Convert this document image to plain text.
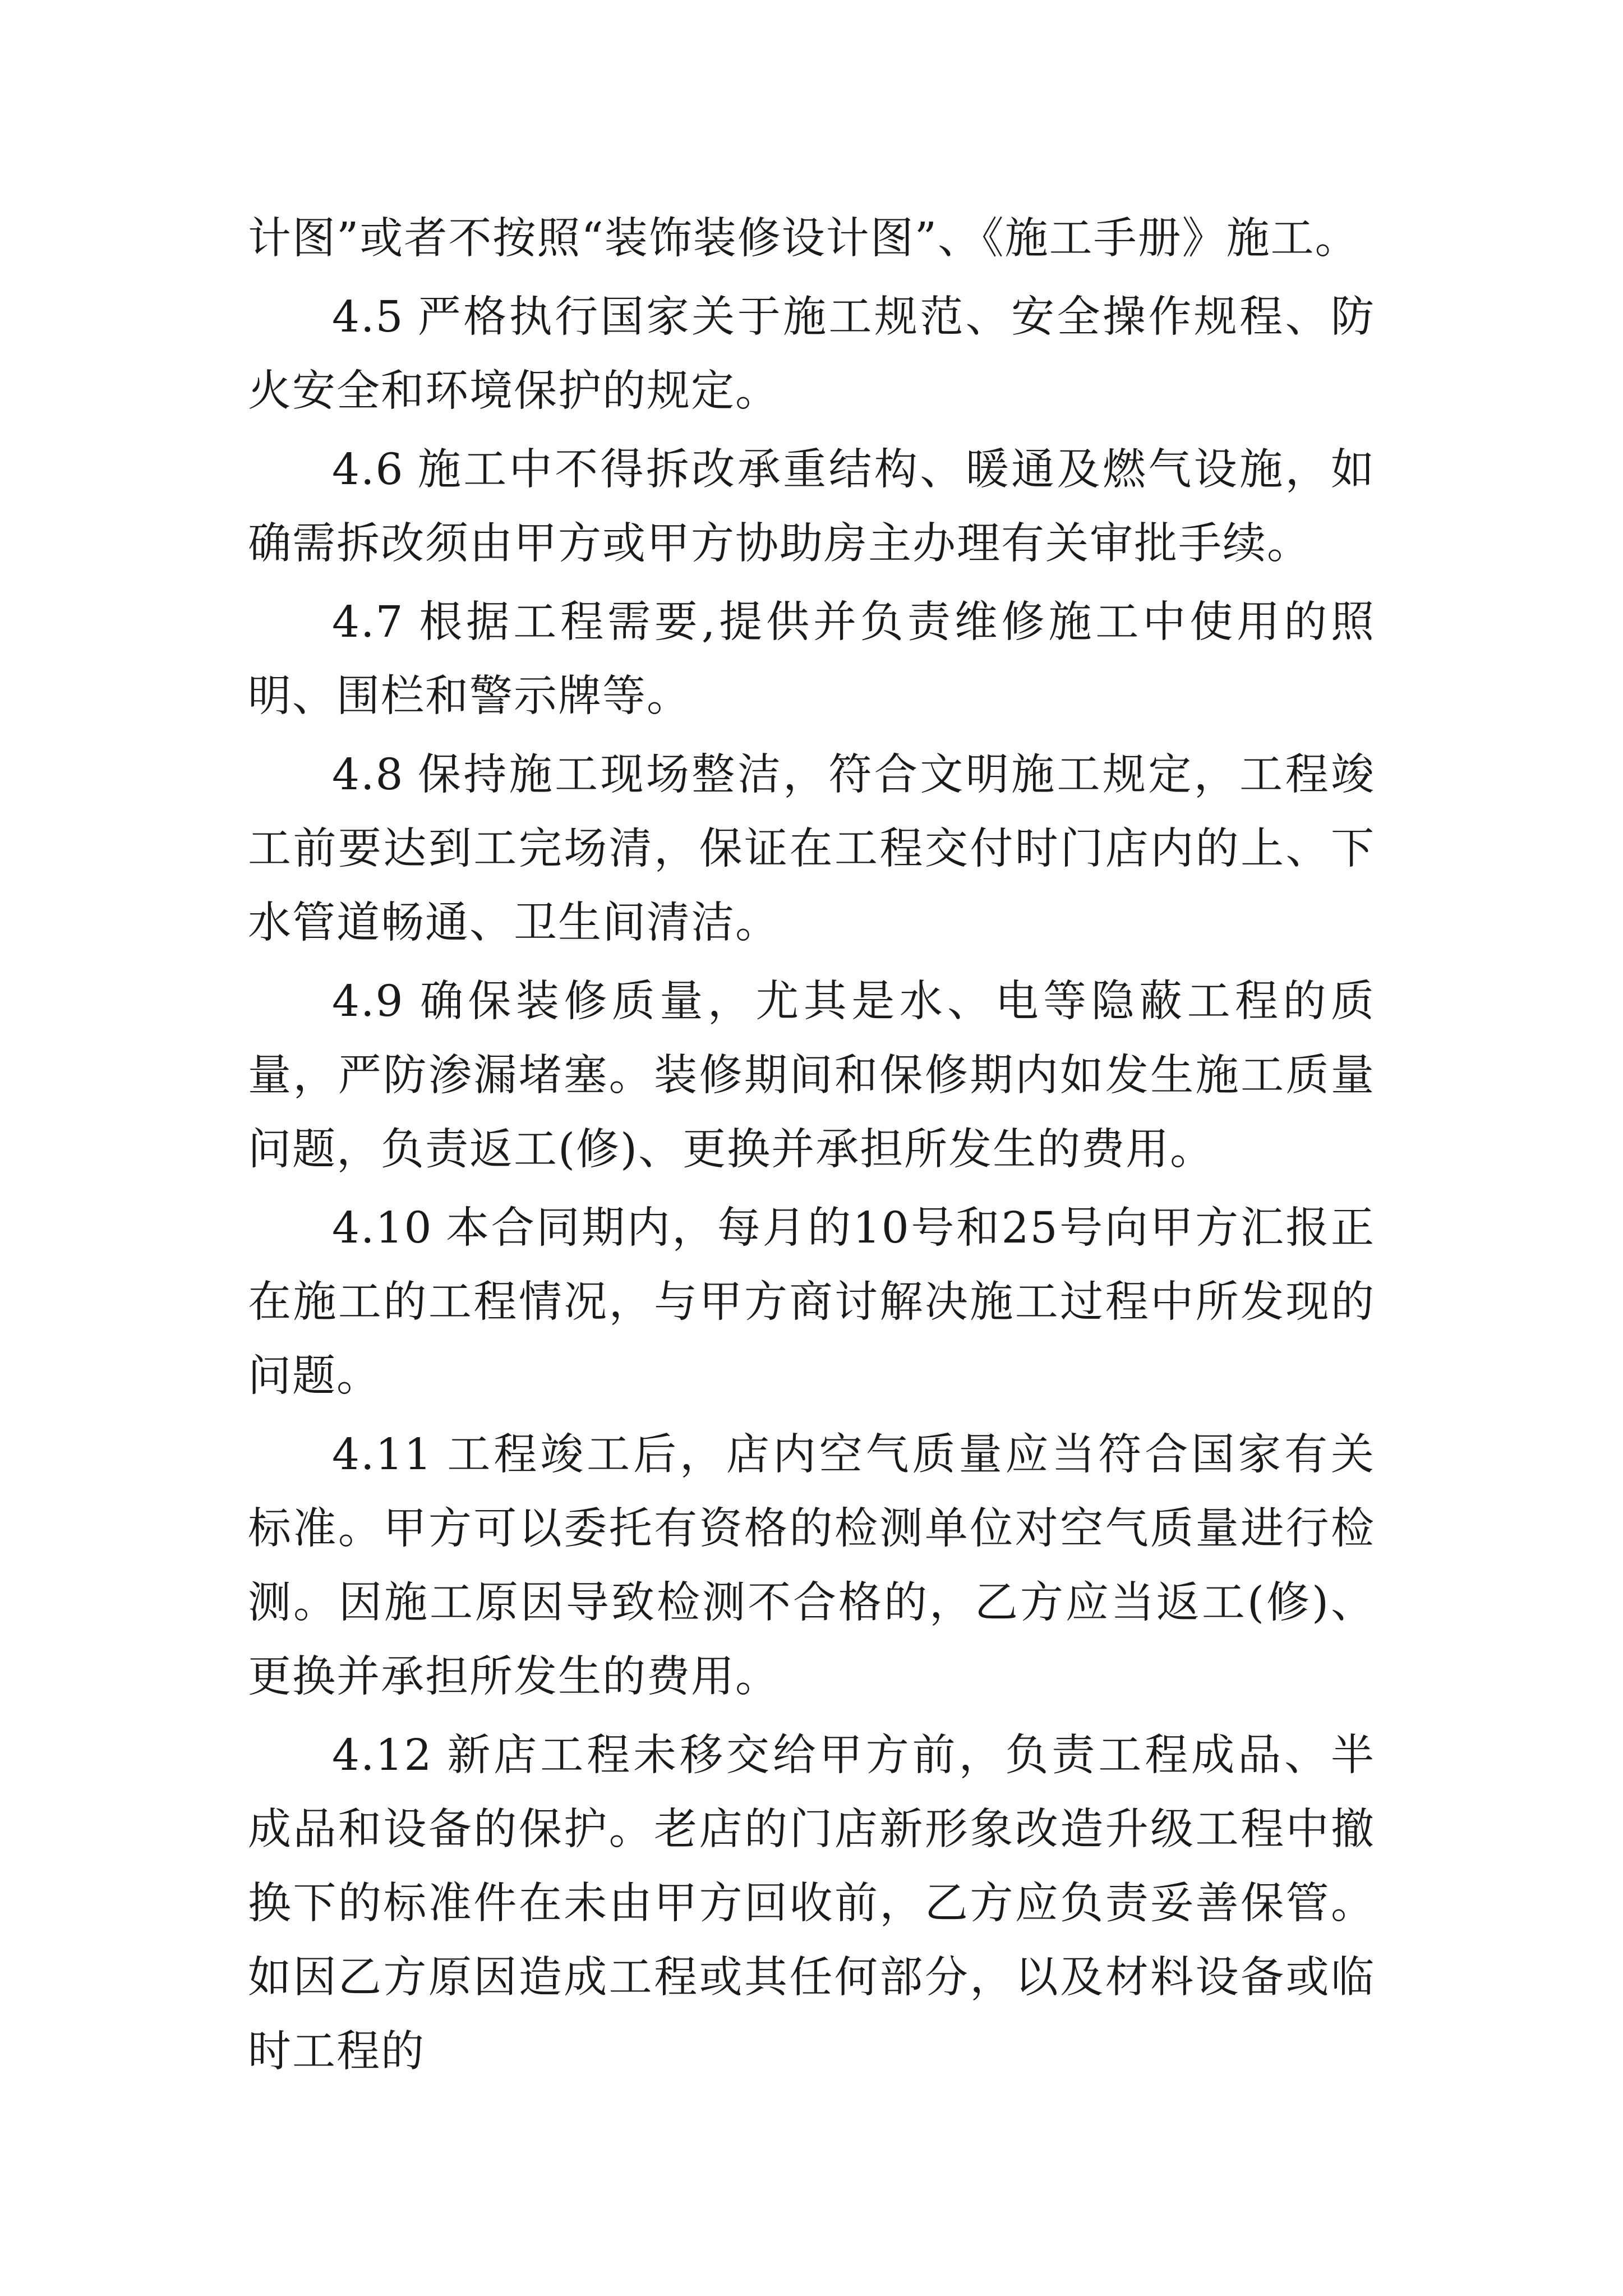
计图”或者不按照“装饰装修设计图”、《施工手册》施工。

4.5 严格执行国家关于施工规范、安全操作规程、防火安全和环境保护的规定。

4.6 施工中不得拆改承重结构、暖通及燃气设施，如确需拆改须由甲方或甲方协助房主办理有关审批手续。

4.7 根据工程需要,提供并负责维修施工中使用的照明、围栏和警示牌等。

4.8 保持施工现场整洁，符合文明施工规定，工程竣工前要达到工完场清，保证在工程交付时门店内的上、下水管道畅通、卫生间清洁。

4.9 确保装修质量，尤其是水、电等隐蔽工程的质量，严防渗漏堵塞。装修期间和保修期内如发生施工质量问题，负责返工(修)、更换并承担所发生的费用。

4.10 本合同期内，每月的10号和25号向甲方汇报正在施工的工程情况，与甲方商讨解决施工过程中所发现的问题。

4.11 工程竣工后，店内空气质量应当符合国家有关标准。甲方可以委托有资格的检测单位对空气质量进行检测。因施工原因导致检测不合格的，乙方应当返工(修)、更换并承担所发生的费用。

4.12 新店工程未移交给甲方前，负责工程成品、半成品和设备的保护。老店的门店新形象改造升级工程中撤换下的标准件在未由甲方回收前，乙方应负责妥善保管。如因乙方原因造成工程或其任何部分，以及材料设备或临时工程的
